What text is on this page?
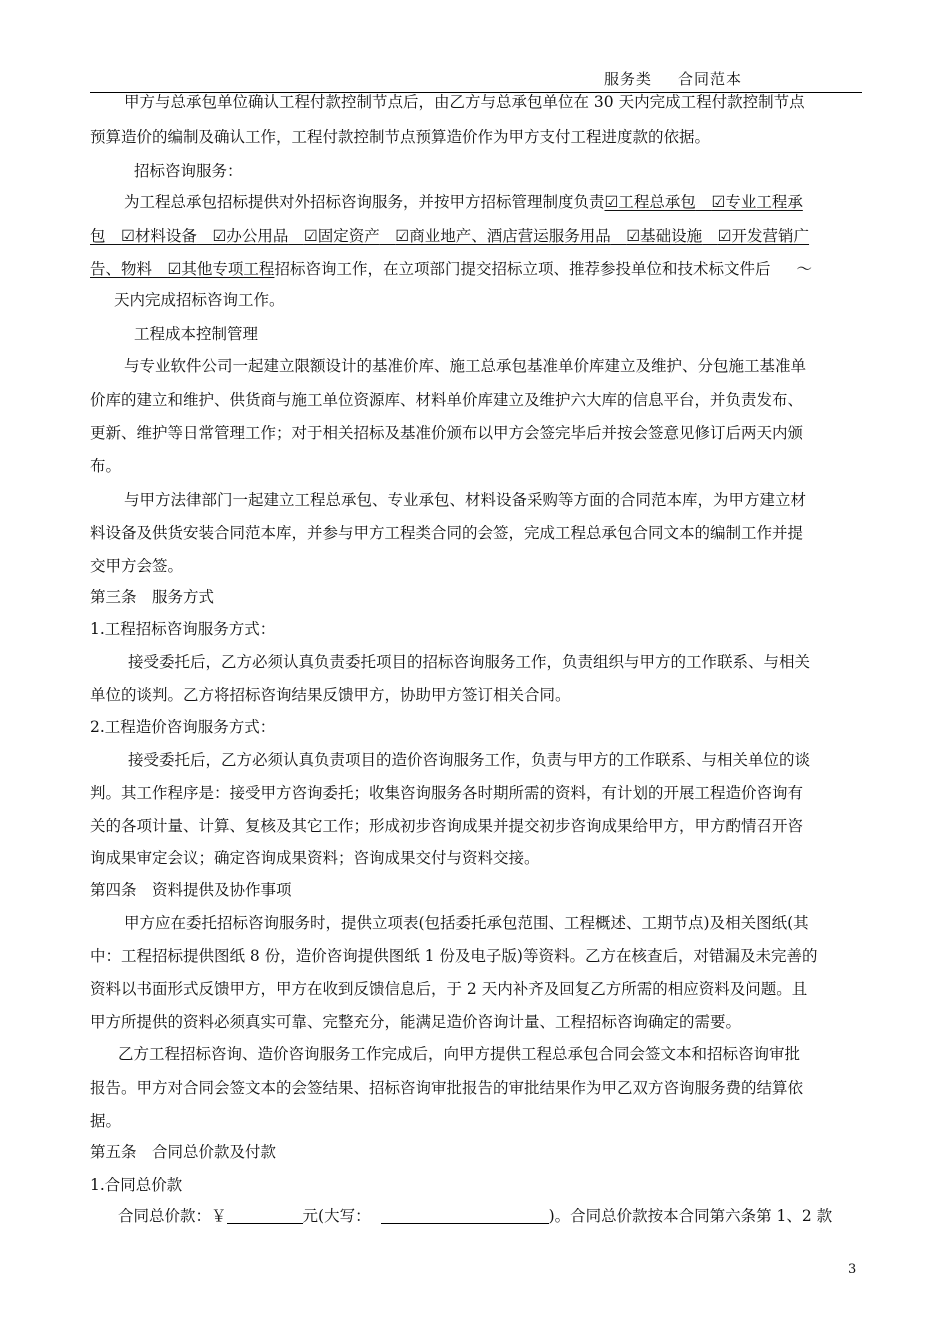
服务类 合同范本
甲方与总承包单位确认工程付款控制节点后，由乙方与总承包单位在 30 天内完成工程付款控制节点
预算造价的编制及确认工作，工程付款控制节点预算造价作为甲方支付工程进度款的依据。
招标咨询服务：
为工程总承包招标提供对外招标咨询服务，并按甲方招标管理制度负责☑工程总承包　 ☑专业工程承
包　 ☑材料设备　 ☑办公用品　 ☑固定资产　 ☑商业地产、酒店营运服务用品　 ☑基础设施　 ☑开发营销广
告、物料　 ☑其他专项工程招标咨询工作，在立项部门提交招标立项、推荐参投单位和技术标文件后 ～
天内完成招标咨询工作。
工程成本控制管理
与专业软件公司一起建立限额设计的基准价库、施工总承包基准单价库建立及维护、分包施工基准单
价库的建立和维护、供货商与施工单位资源库、材料单价库建立及维护六大库的信息平台，并负责发布、
更新、维护等日常管理工作；对于相关招标及基准价颁布以甲方会签完毕后并按会签意见修订后两天内颁
布。
与甲方法律部门一起建立工程总承包、专业承包、材料设备采购等方面的合同范本库，为甲方建立材
料设备及供货安装合同范本库，并参与甲方工程类合同的会签，完成工程总承包合同文本的编制工作并提
交甲方会签。
第三条　服务方式
1.工程招标咨询服务方式：
接受委托后，乙方必须认真负责委托项目的招标咨询服务工作，负责组织与甲方的工作联系、与相关
单位的谈判。乙方将招标咨询结果反馈甲方，协助甲方签订相关合同。
2.工程造价咨询服务方式：
接受委托后，乙方必须认真负责项目的造价咨询服务工作，负责与甲方的工作联系、与相关单位的谈
判。其工作程序是：接受甲方咨询委托；收集咨询服务各时期所需的资料，有计划的开展工程造价咨询有
关的各项计量、计算、复核及其它工作；形成初步咨询成果并提交初步咨询成果给甲方，甲方酌情召开咨
询成果审定会议；确定咨询成果资料；咨询成果交付与资料交接。
第四条　资料提供及协作事项
甲方应在委托招标咨询服务时，提供立项表(包括委托承包范围、工程概述、工期节点)及相关图纸(其
中：工程招标提供图纸 8 份，造价咨询提供图纸 1 份及电子版)等资料。乙方在核查后，对错漏及未完善的
资料以书面形式反馈甲方，甲方在收到反馈信息后，于 2 天内补齐及回复乙方所需的相应资料及问题。且
甲方所提供的资料必须真实可靠、完整充分，能满足造价咨询计量、工程招标咨询确定的需要。
乙方工程招标咨询、造价咨询服务工作完成后，向甲方提供工程总承包合同会签文本和招标咨询审批
报告。甲方对合同会签文本的会签结果、招标咨询审批报告的审批结果作为甲乙双方咨询服务费的结算依
据。
第五条　合同总价款及付款
1.合同总价款
合同总价款：￥	元(大写：	)。合同总价款按本合同第六条第 1、2 款
3
